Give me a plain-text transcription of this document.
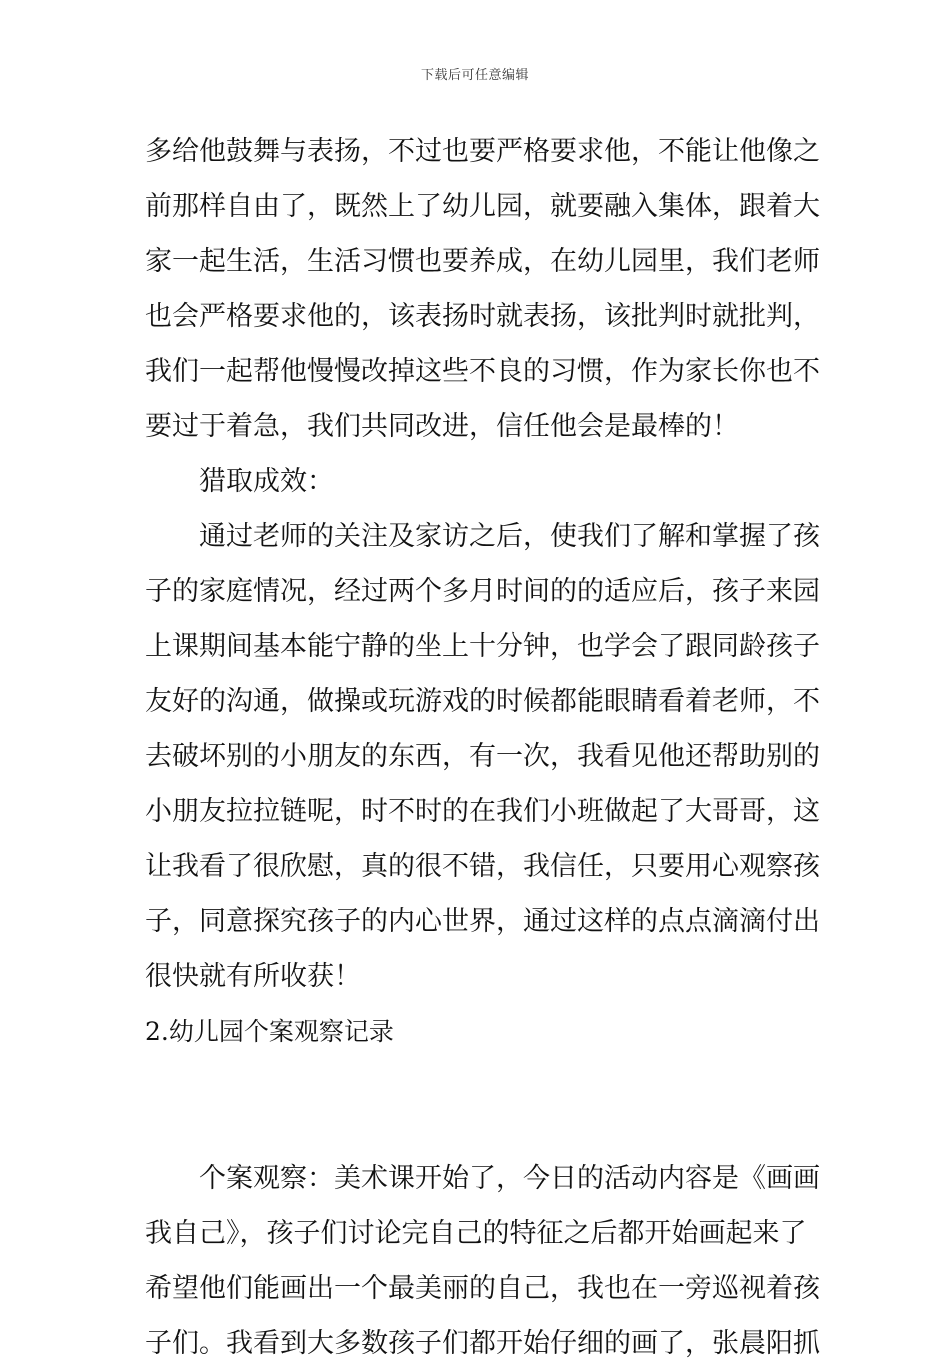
下载后可任意编辑
多给他鼓舞与表扬，不过也要严格要求他，不能让他像之
前那样自由了，既然上了幼儿园，就要融入集体，跟着大
家一起生活，生活习惯也要养成，在幼儿园里，我们老师
也会严格要求他的，该表扬时就表扬，该批判时就批判，
我们一起帮他慢慢改掉这些不良的习惯，作为家长你也不
要过于着急，我们共同改进，信任他会是最棒的！
猎取成效：
通过老师的关注及家访之后，使我们了解和掌握了孩
子的家庭情况，经过两个多月时间的的适应后，孩子来园
上课期间基本能宁静的坐上十分钟，也学会了跟同龄孩子
友好的沟通，做操或玩游戏的时候都能眼睛看着老师，不
去破坏别的小朋友的东西，有一次，我看见他还帮助别的
小朋友拉拉链呢，时不时的在我们小班做起了大哥哥，这
让我看了很欣慰，真的很不错，我信任，只要用心观察孩
子，同意探究孩子的内心世界，通过这样的点点滴滴付出
很快就有所收获！
2.幼儿园个案观察记录
个案观察：美术课开始了，今日的活动内容是《画画
我自己》，孩子们讨论完自己的特征之后都开始画起来了
希望他们能画出一个最美丽的自己，我也在一旁巡视着孩
子们。我看到大多数孩子们都开始仔细的画了，张晨阳抓
